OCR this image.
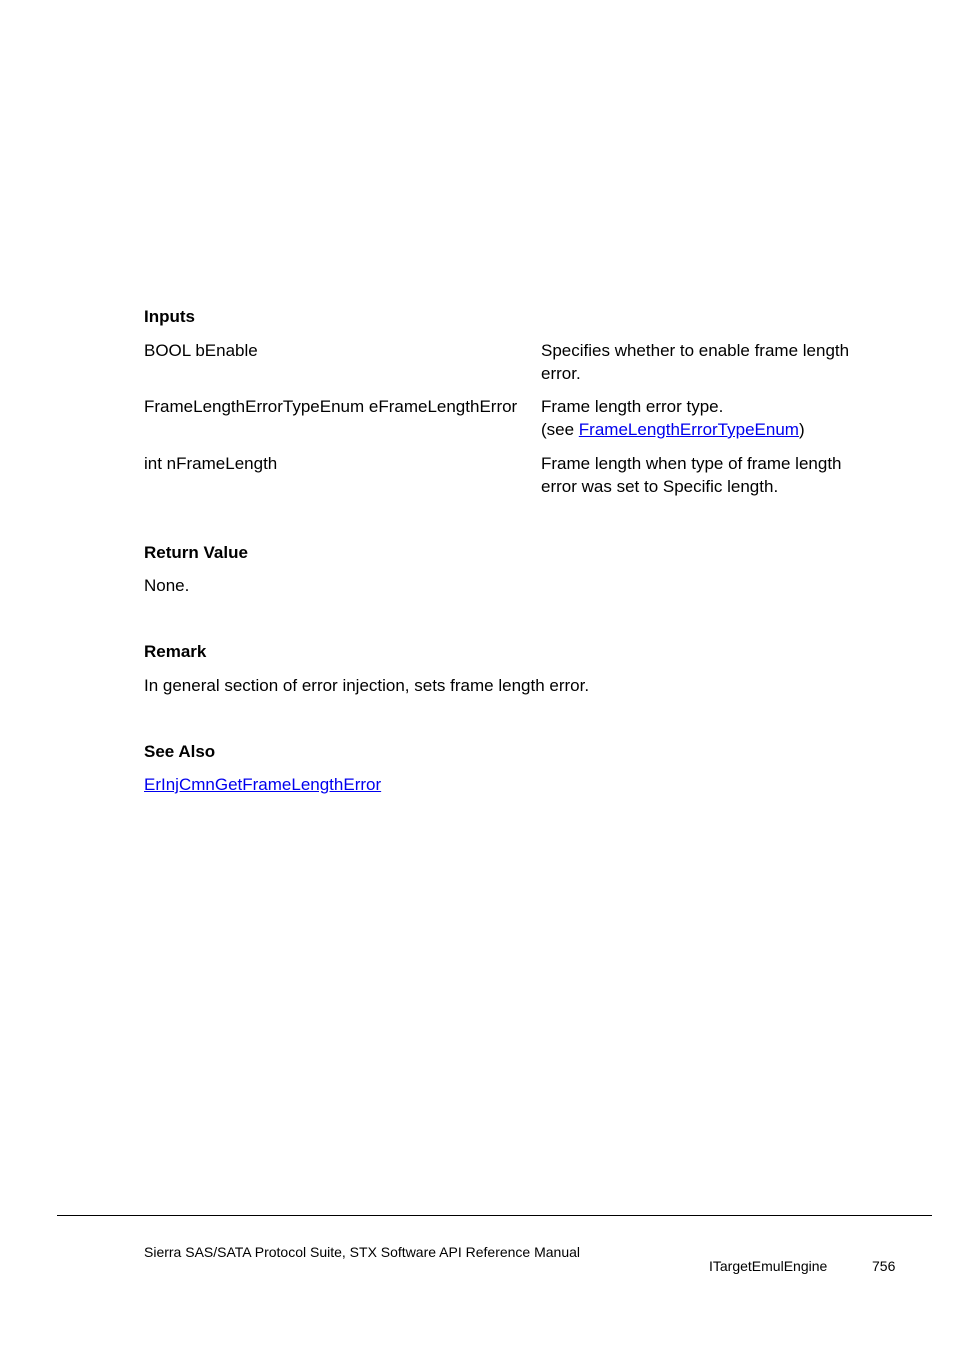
Inputs
BOOL bEnable	Specifies whether to enable frame length
error.
FrameLengthErrorTypeEnum eFrameLengthError	Frame length error type.
(see FrameLengthErrorTypeEnum)
int nFrameLength	Frame length when type of frame length
error was set to Specific length.
Return Value

None.

Remark

In general section of error injection, sets frame length error.

See Also

ErInjCmnGetFrameLengthError

Sierra SAS/SATA Protocol Suite, STX Software API Reference Manual
ITargetEmulEngine	756
